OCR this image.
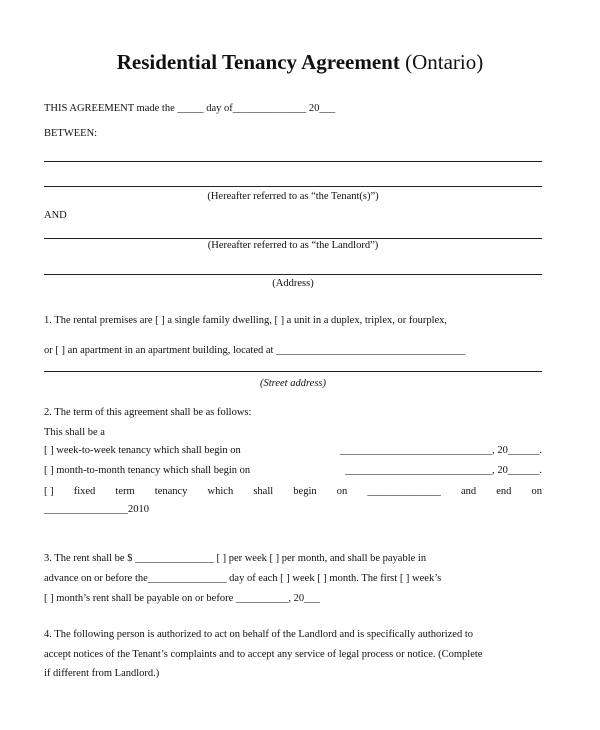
Residential Tenancy Agreement (Ontario)
THIS AGREEMENT made the _____ day of______________ 20___
BETWEEN:
(Hereafter referred to as “the Tenant(s)”)
AND
(Hereafter referred to as “the Landlord”)
(Address)
1. The rental premises are [ ] a single family dwelling, [ ] a unit in a duplex, triplex, or fourplex,
or [ ] an apartment in an apartment building, located at ____________________________________
(Street address)
2. The term of this agreement shall be as follows:
This shall be a
[ ] week-to-week tenancy which shall begin on	_____________________________, 20______.
[ ] month-to-month tenancy which shall begin on	____________________________, 20______.
[ ] fixed term tenancy which shall begin on ______________ and end on
________________2010
3. The rent shall be $ _______________ [ ] per week [ ] per month, and shall be payable in
advance on or before the_______________ day of each [ ] week [ ] month. The first [ ] week’s
[ ] month’s rent shall be payable on or before __________, 20___
4. The following person is authorized to act on behalf of the Landlord and is specifically authorized to
accept notices of the Tenant’s complaints and to accept any service of legal process or notice. (Complete
if different from Landlord.)
